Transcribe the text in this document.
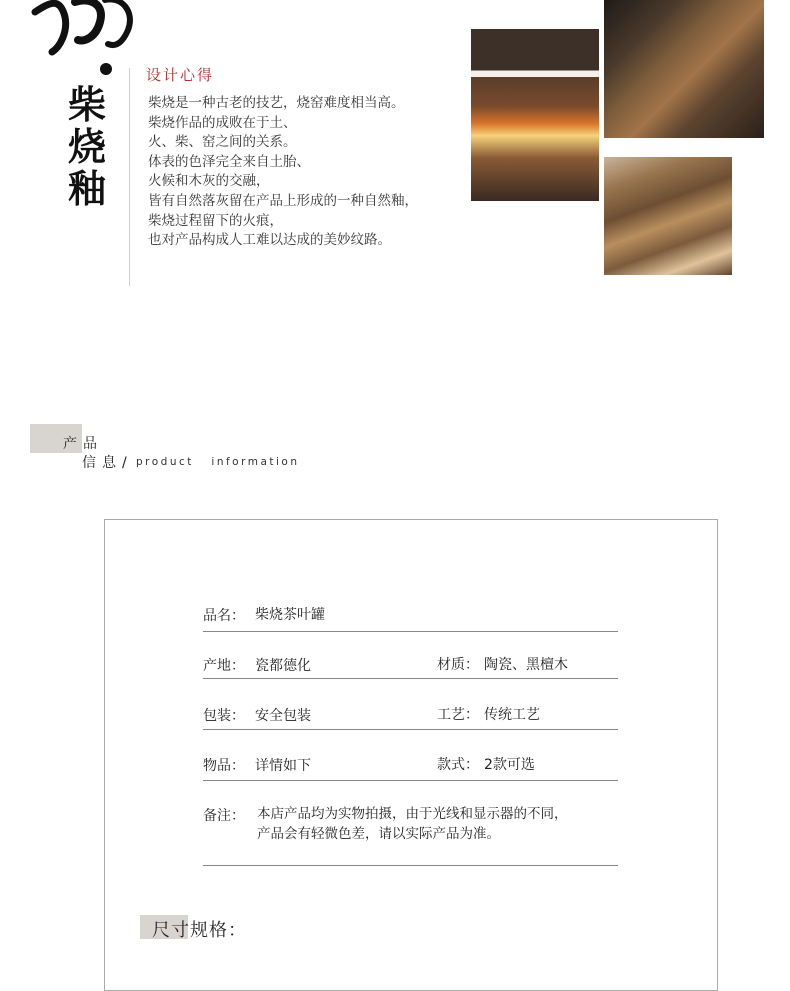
柴
烧
釉
设计心得
柴烧是一种古老的技艺，烧窑难度相当高。
柴烧作品的成败在于土、
火、柴、窑之间的关系。
体表的色泽完全来自土胎、
火候和木灰的交融，
皆有自然落灰留在产品上形成的一种自然釉，
柴烧过程留下的火痕，
也对产品构成人工难以达成的美妙纹路。
产品
信息/ product   information
品名： 柴烧茶叶罐
产地： 瓷都德化	材质： 陶瓷、黑檀木
包装： 安全包装	工艺： 传统工艺
物品： 详情如下	款式： 2款可选
备注： 本店产品均为实物拍摄，由于光线和显示器的不同，
产品会有轻微色差，请以实际产品为准。
尺寸规格：
